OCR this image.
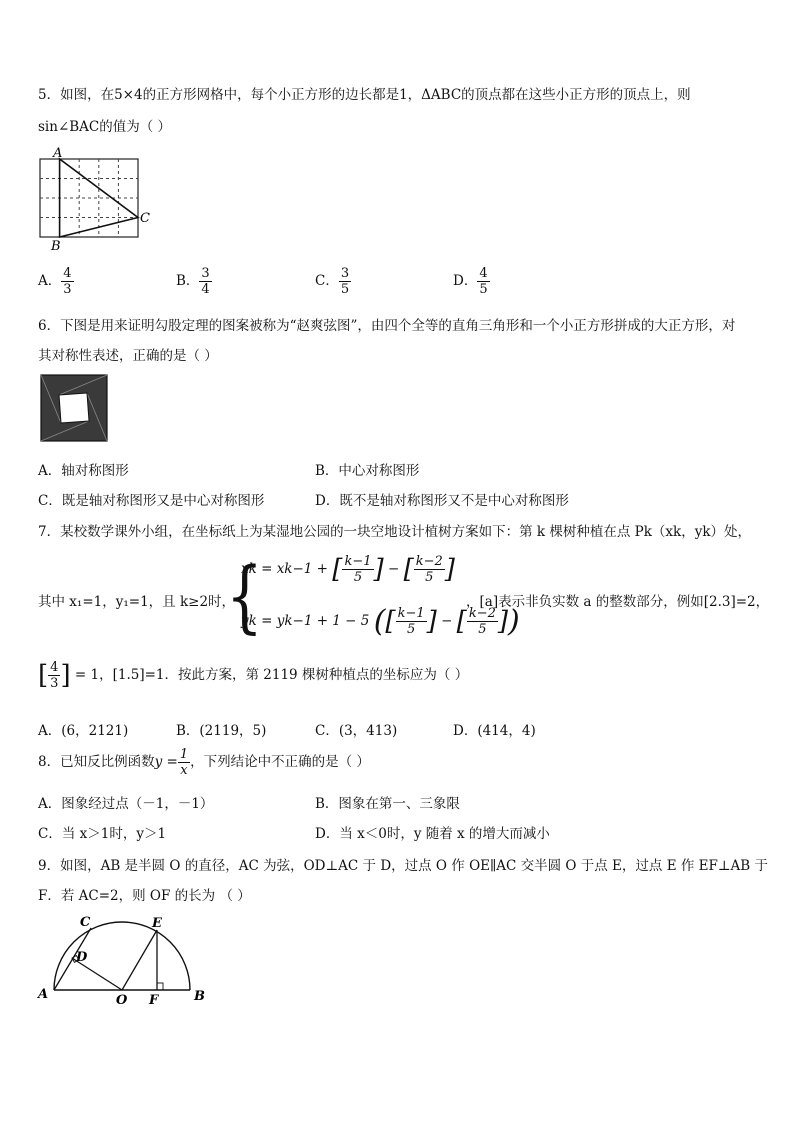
5．如图，在5×4的正方形网格中，每个小正方形的边长都是1，ΔABC的顶点都在这些小正方形的顶点上，则
sin∠BAC的值为（ ）
A
B
C
A． $\frac{4}{3}$	B． $\frac{3}{4}$	C． $\frac{3}{5}$	D． $\frac{4}{5}$
6．下图是用来证明勾股定理的图案被称为“赵爽弦图”，由四个全等的直角三角形和一个小正方形拼成的大正方形，对
其对称性表述，正确的是（ ）
A．轴对称图形	B．中心对称图形
C．既是轴对称图形又是中心对称图形	D．既不是轴对称图形又不是中心对称图形
7．某校数学课外小组，在坐标纸上为某湿地公园的一块空地设计植树方案如下：第 k 棵树种植在点 Pk（xk，yk）处，
其中 x₁=1，y₁=1，且 k≥2时，
{
xk = xk−1 + [ $\frac{k-1}{5}$ ] − [ $\frac{k-2}{5}$ ]
yk = yk−1 + 1 − 5 ([ $\frac{k-1}{5}$ ] − [ $\frac{k-2}{5}$ ])
，[a]表示非负实数 a 的整数部分，例如[2.3]=2，
[ $\frac{4}{3}$ ] = 1，[1.5]=1．按此方案，第 2119 棵树种植点的坐标应为（ ）
A．(6，2121)	B．(2119，5)	C．(3，413)	D．(414，4)
8．已知反比例函数$y = \frac{1}{x}$ ，下列结论中不正确的是（ ）
A．图象经过点（－1，－1）	B．图象在第一、三象限
C．当 x＞1时，y＞1	D．当 x＜0时，y 随着 x 的增大而减小
9．如图，AB 是半圆 O 的直径，AC 为弦，OD⊥AC 于 D，过点 O 作 OE∥AC 交半圆 O 于点 E，过点 E 作 EF⊥AB 于
F．若 AC=2，则 OF 的长为 （ ）
A	B
C
D
E
F
O
